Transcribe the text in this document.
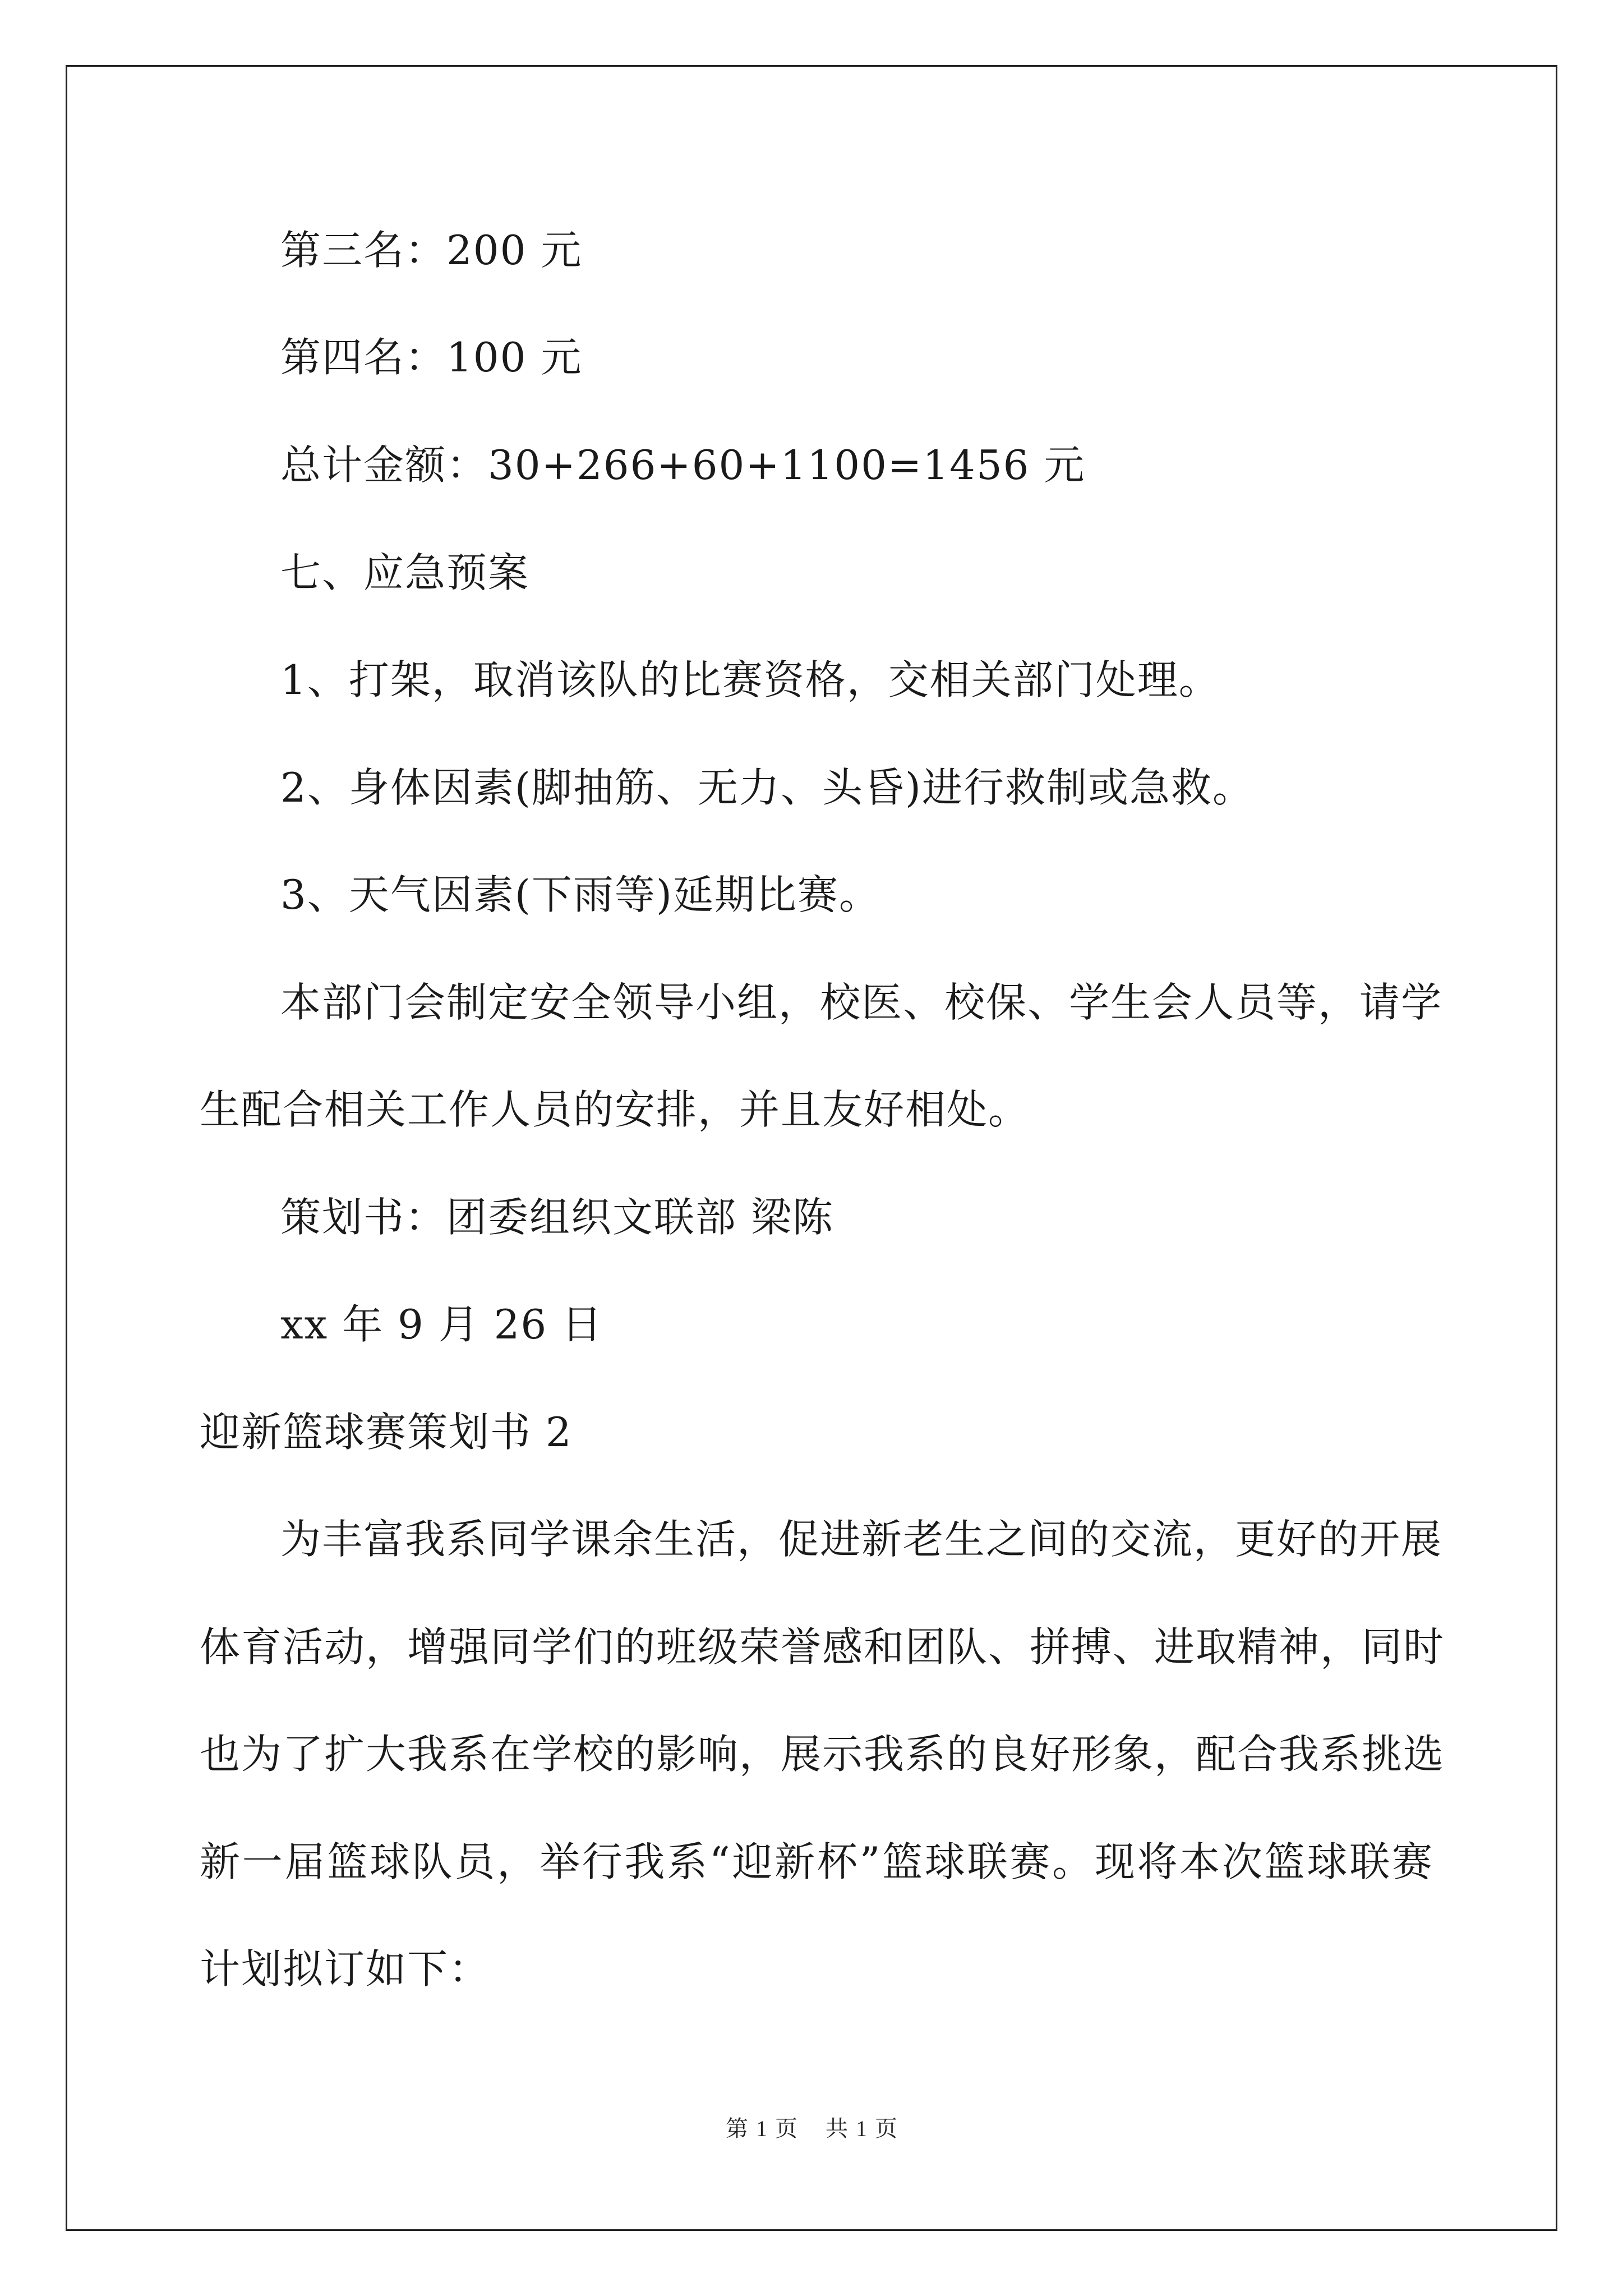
第三名：200 元
第四名：100 元
总计金额：30+266+60+1100=1456 元
七、应急预案
1、打架，取消该队的比赛资格，交相关部门处理。
2、身体因素(脚抽筋、无力、头昏)进行救制或急救。
3、天气因素(下雨等)延期比赛。
本部门会制定安全领导小组，校医、校保、学生会人员等，请学
生配合相关工作人员的安排，并且友好相处。
策划书：团委组织文联部 梁陈
xx 年 9 月 26 日
迎新篮球赛策划书 2
为丰富我系同学课余生活，促进新老生之间的交流，更好的开展
体育活动，增强同学们的班级荣誉感和团队、拼搏、进取精神，同时
也为了扩大我系在学校的影响，展示我系的良好形象，配合我系挑选
新一届篮球队员，举行我系“迎新杯”篮球联赛。现将本次篮球联赛
计划拟订如下：
第 1 页 共 1 页
